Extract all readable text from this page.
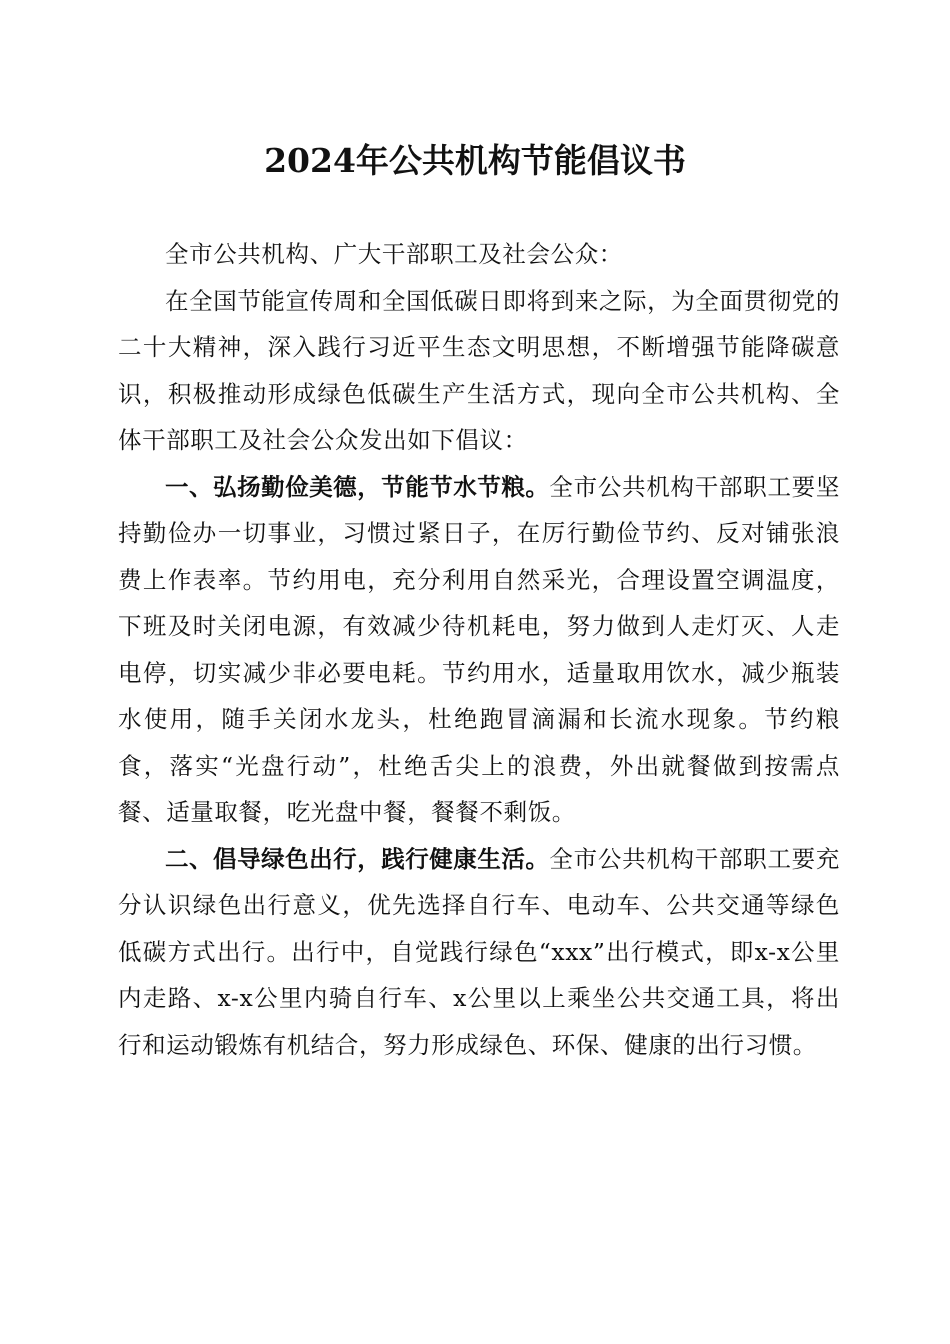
2024年公共机构节能倡议书

全市公共机构、广大干部职工及社会公众：

在全国节能宣传周和全国低碳日即将到来之际，为全面贯彻党的二十大精神，深入践行习近平生态文明思想，不断增强节能降碳意识，积极推动形成绿色低碳生产生活方式，现向全市公共机构、全体干部职工及社会公众发出如下倡议：

一、弘扬勤俭美德，节能节水节粮。全市公共机构干部职工要坚持勤俭办一切事业，习惯过紧日子，在厉行勤俭节约、反对铺张浪费上作表率。节约用电，充分利用自然采光，合理设置空调温度，下班及时关闭电源，有效减少待机耗电，努力做到人走灯灭、人走电停，切实减少非必要电耗。节约用水，适量取用饮水，减少瓶装水使用，随手关闭水龙头，杜绝跑冒滴漏和长流水现象。节约粮食，落实“光盘行动”，杜绝舌尖上的浪费，外出就餐做到按需点餐、适量取餐，吃光盘中餐，餐餐不剩饭。

二、倡导绿色出行，践行健康生活。全市公共机构干部职工要充分认识绿色出行意义，优先选择自行车、电动车、公共交通等绿色低碳方式出行。出行中，自觉践行绿色“xxx”出行模式，即x-x公里内走路、x-x公里内骑自行车、x公里以上乘坐公共交通工具，将出行和运动锻炼有机结合，努力形成绿色、环保、健康的出行习惯。
